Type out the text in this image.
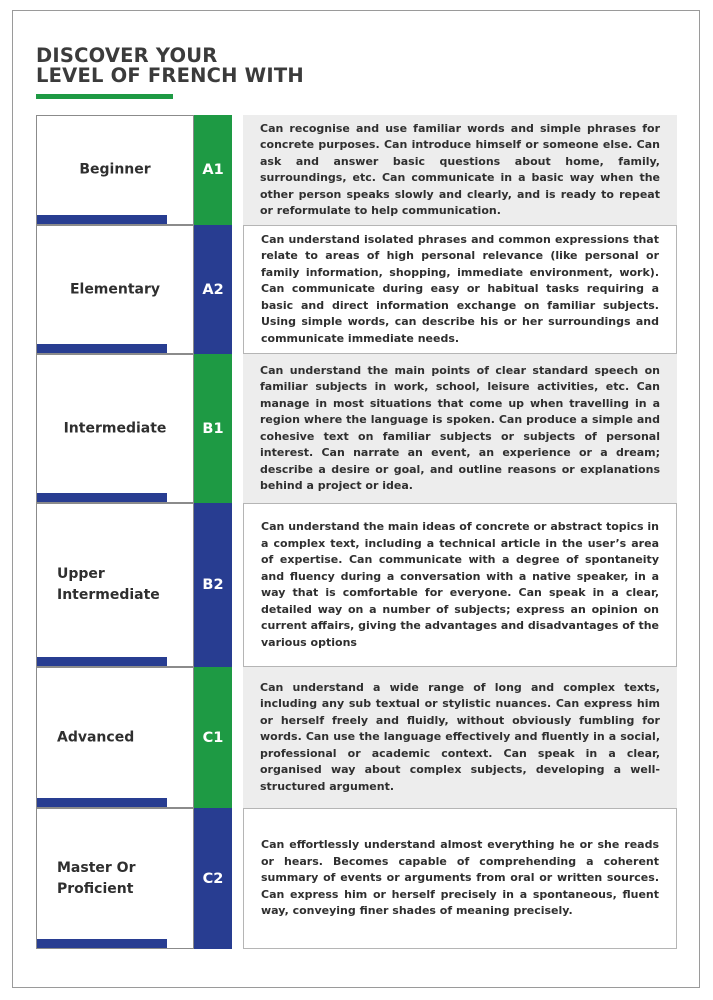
DISCOVER YOUR
LEVEL OF FRENCH WITH
Beginner	A1

Can recognise and use familiar words and simple phrases for concrete purposes. Can introduce himself or someone else. Can ask and answer basic questions about home, family, surroundings, etc. Can communicate in a basic way when the other person speaks slowly and clearly, and is ready to repeat or reformulate to help communication.

Elementary	A2

Can understand isolated phrases and common expressions that relate to areas of high personal relevance (like personal or family information, shopping, immediate environment, work). Can communicate during easy or habitual tasks requiring a basic and direct information exchange on familiar subjects. Using simple words, can describe his or her surroundings and communicate immediate needs.

Intermediate	B1

Can understand the main points of clear standard speech on familiar subjects in work, school, leisure activities, etc. Can manage in most situations that come up when travelling in a region where the language is spoken. Can produce a simple and cohesive text on familiar subjects or subjects of personal interest. Can narrate an event, an experience or a dream; describe a desire or goal, and outline reasons or explanations behind a project or idea.

Upper Intermediate
B2

Can understand the main ideas of concrete or abstract topics in a complex text, including a technical article in the user’s area of expertise. Can communicate with a degree of spontaneity and fluency during a conversation with a native speaker, in a way that is comfortable for everyone. Can speak in a clear, detailed way on a number of subjects; express an opinion on current affairs, giving the advantages and disadvantages of the various options

Advanced	C1

Can understand a wide range of long and complex texts, including any sub textual or stylistic nuances. Can express him or herself freely and fluidly, without obviously fumbling for words. Can use the language effectively and fluently in a social, professional or academic context. Can speak in a clear, organised way about complex subjects, developing a well-structured argument.

Master Or Proficient
C2

Can effortlessly understand almost everything he or she reads or hears. Becomes capable of comprehending a coherent summary of events or arguments from oral or written sources. Can express him or herself precisely in a spontaneous, fluent way, conveying finer shades of meaning precisely.
